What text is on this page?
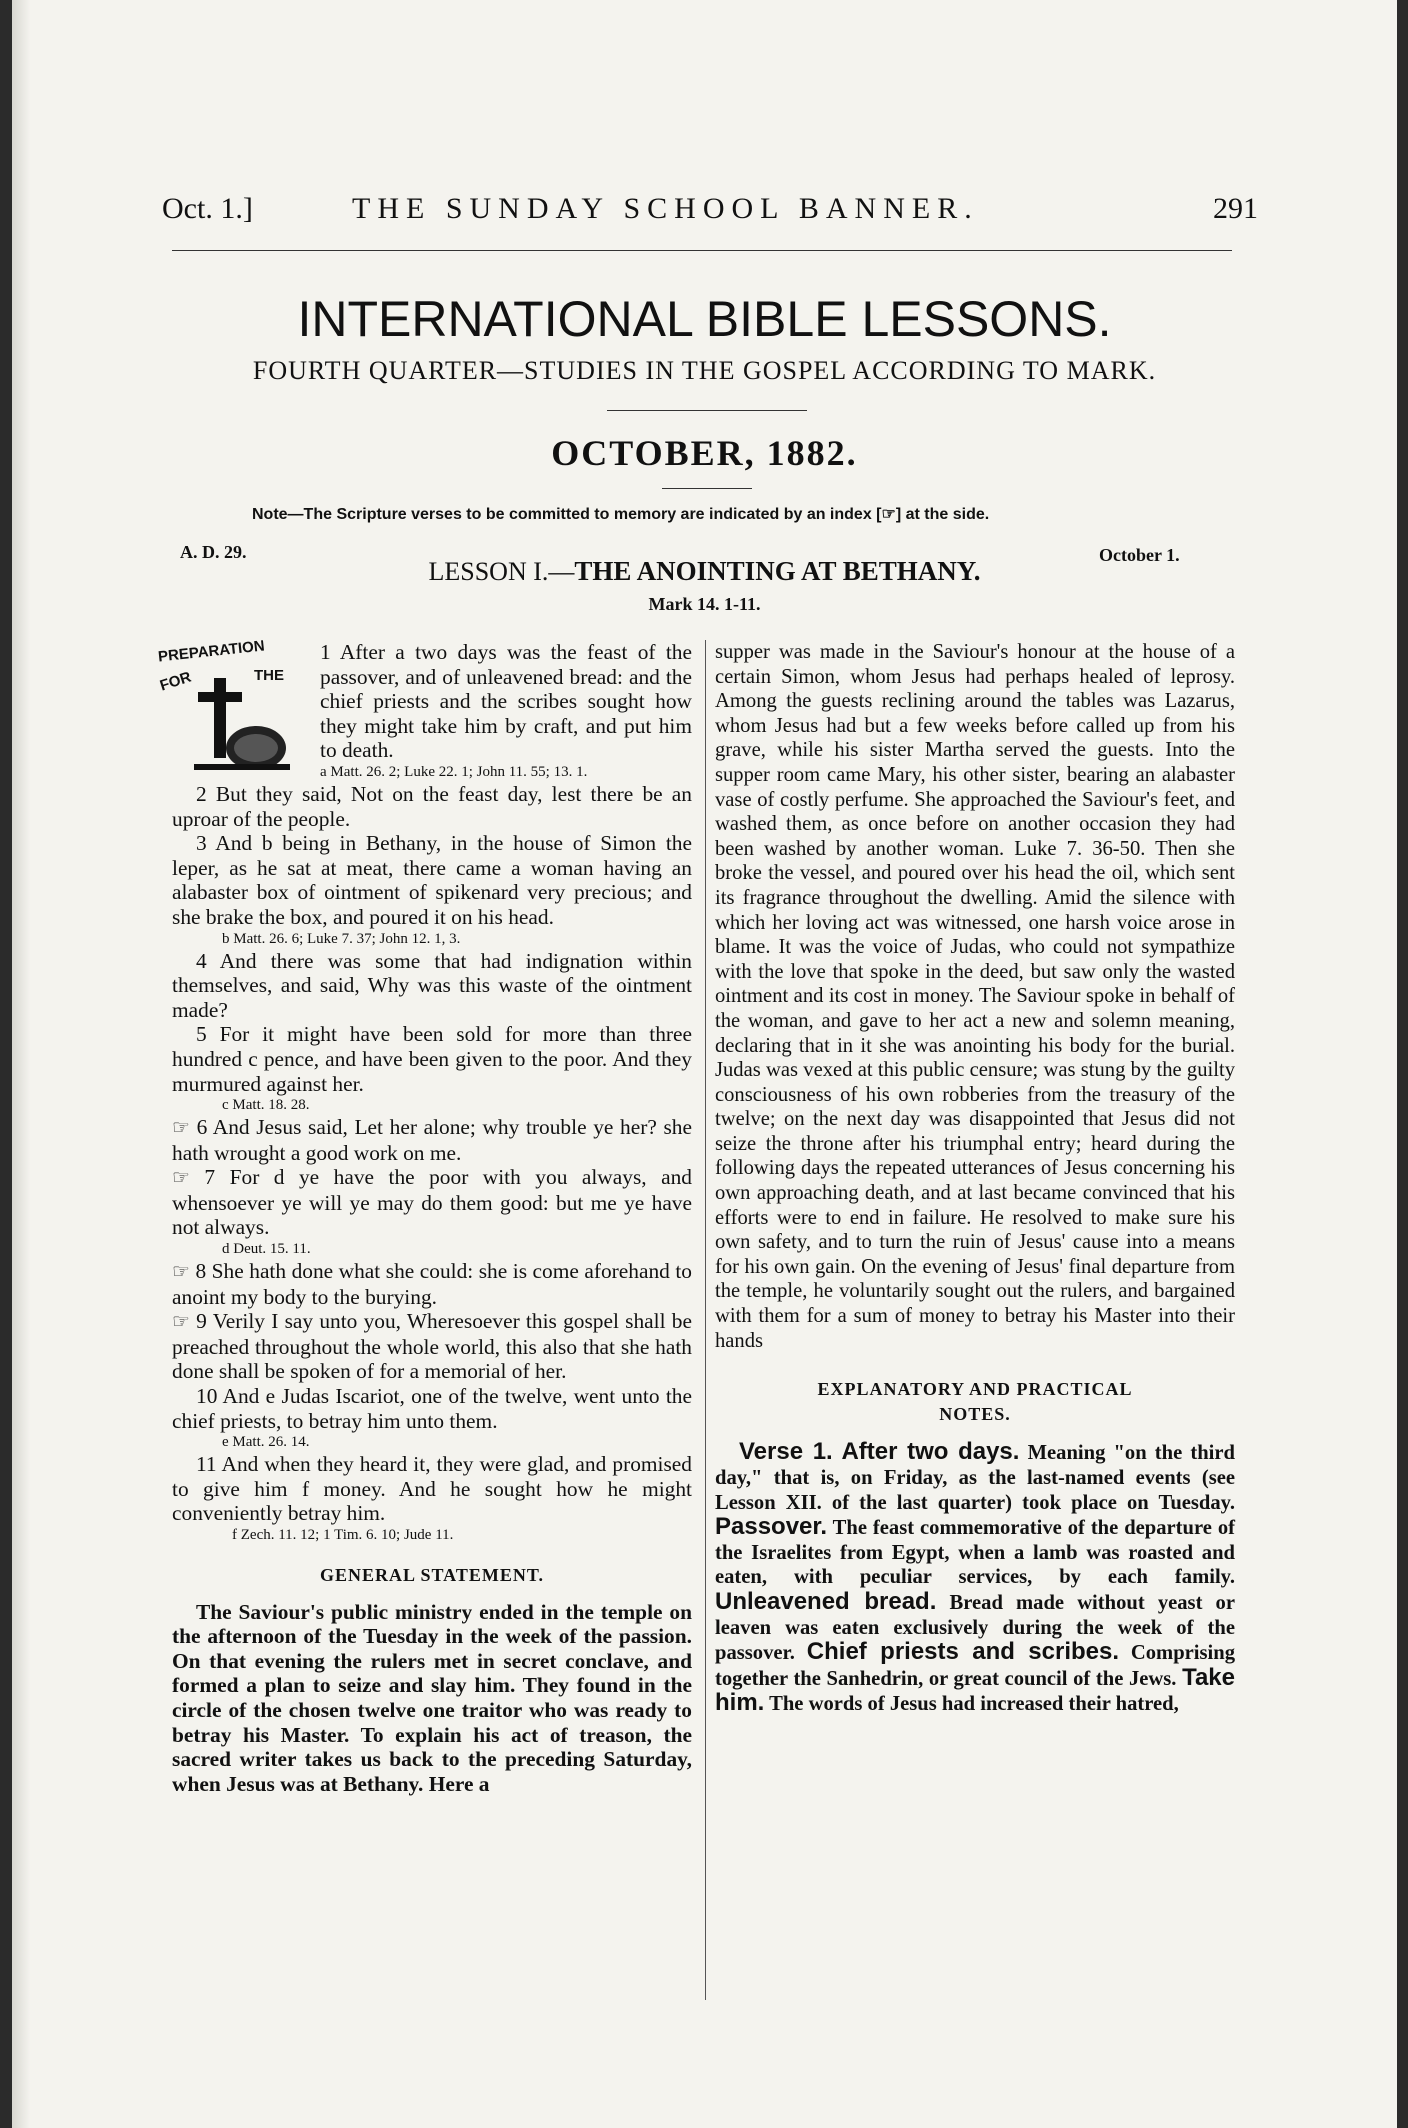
Oct. 1.]	THE SUNDAY SCHOOL BANNER.	291
INTERNATIONAL BIBLE LESSONS.
FOURTH QUARTER—STUDIES IN THE GOSPEL ACCORDING TO MARK.
OCTOBER, 1882.
Note—The Scripture verses to be committed to memory are indicated by an index [☞] at the side.
A. D. 29.	October 1.
LESSON I.—THE ANOINTING AT BETHANY.
Mark 14. 1-11.
PREPARATION
FOR	THE

1 After a two days was the feast of the passover, and of unleavened bread: and the chief priests and the scribes sought how they might take him by craft, and put him to death.

a Matt. 26. 2; Luke 22. 1; John 11. 55; 13. 1.

2 But they said, Not on the feast day, lest there be an uproar of the people.

3 And b being in Bethany, in the house of Simon the leper, as he sat at meat, there came a woman having an alabaster box of ointment of spikenard very precious; and she brake the box, and poured it on his head.

b Matt. 26. 6; Luke 7. 37; John 12. 1, 3.

4 And there was some that had indignation within themselves, and said, Why was this waste of the ointment made?

5 For it might have been sold for more than three hundred c pence, and have been given to the poor. And they murmured against her.

c Matt. 18. 28.

☞ 6 And Jesus said, Let her alone; why trouble ye her? she hath wrought a good work on me.

☞ 7 For d ye have the poor with you always, and whensoever ye will ye may do them good: but me ye have not always.

d Deut. 15. 11.

☞ 8 She hath done what she could: she is come aforehand to anoint my body to the burying.

☞ 9 Verily I say unto you, Wheresoever this gospel shall be preached throughout the whole world, this also that she hath done shall be spoken of for a memorial of her.

10 And e Judas Iscariot, one of the twelve, went unto the chief priests, to betray him unto them.

e Matt. 26. 14.

11 And when they heard it, they were glad, and promised to give him f money. And he sought how he might conveniently betray him.

f Zech. 11. 12; 1 Tim. 6. 10; Jude 11.

GENERAL STATEMENT.

The Saviour's public ministry ended in the temple on the afternoon of the Tuesday in the week of the passion. On that evening the rulers met in secret conclave, and formed a plan to seize and slay him. They found in the circle of the chosen twelve one traitor who was ready to betray his Master. To explain his act of treason, the sacred writer takes us back to the preceding Saturday, when Jesus was at Bethany. Here a

supper was made in the Saviour's honour at the house of a certain Simon, whom Jesus had perhaps healed of leprosy. Among the guests reclining around the tables was Lazarus, whom Jesus had but a few weeks before called up from his grave, while his sister Martha served the guests. Into the supper room came Mary, his other sister, bearing an alabaster vase of costly perfume. She approached the Saviour's feet, and washed them, as once before on another occasion they had been washed by another woman. Luke 7. 36-50. Then she broke the vessel, and poured over his head the oil, which sent its fragrance throughout the dwelling. Amid the silence with which her loving act was witnessed, one harsh voice arose in blame. It was the voice of Judas, who could not sympathize with the love that spoke in the deed, but saw only the wasted ointment and its cost in money. The Saviour spoke in behalf of the woman, and gave to her act a new and solemn meaning, declaring that in it she was anointing his body for the burial. Judas was vexed at this public censure; was stung by the guilty consciousness of his own robberies from the treasury of the twelve; on the next day was disappointed that Jesus did not seize the throne after his triumphal entry; heard during the following days the repeated utterances of Jesus concerning his own approaching death, and at last became convinced that his efforts were to end in failure. He resolved to make sure his own safety, and to turn the ruin of Jesus' cause into a means for his own gain. On the evening of Jesus' final departure from the temple, he voluntarily sought out the rulers, and bargained with them for a sum of money to betray his Master into their hands

EXPLANATORY AND PRACTICAL
NOTES.

Verse 1. After two days. Meaning "on the third day," that is, on Friday, as the last-named events (see Lesson XII. of the last quarter) took place on Tuesday. Passover. The feast commemorative of the departure of the Israelites from Egypt, when a lamb was roasted and eaten, with peculiar services, by each family. Unleavened bread. Bread made without yeast or leaven was eaten exclusively during the week of the passover. Chief priests and scribes. Comprising together the Sanhedrin, or great council of the Jews. Take him. The words of Jesus had increased their hatred,
